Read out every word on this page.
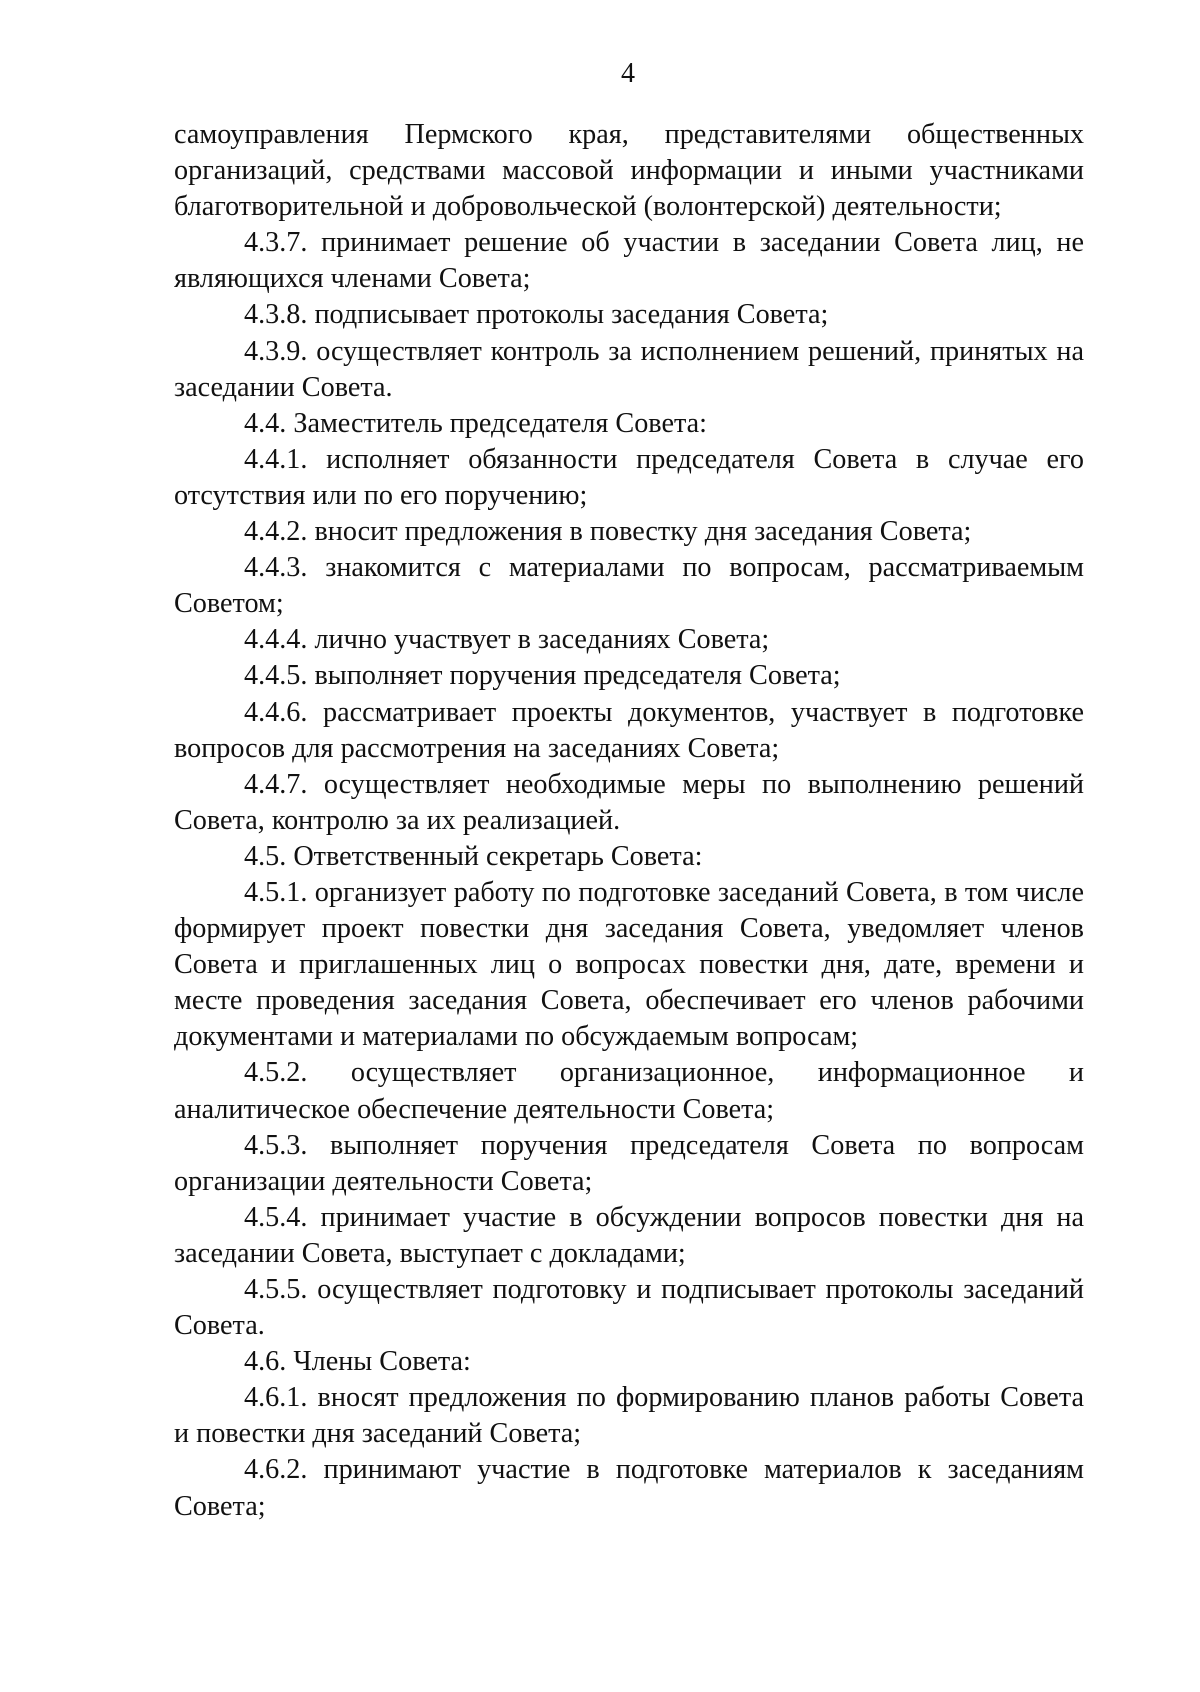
4

самоуправления Пермского края, представителями общественных организаций, средствами массовой информации и иными участниками благотворительной и добровольческой (волонтерской) деятельности;

4.3.7. принимает решение об участии в заседании Совета лиц, не являющихся членами Совета;

4.3.8. подписывает протоколы заседания Совета;

4.3.9. осуществляет контроль за исполнением решений, принятых на заседании Совета.

4.4. Заместитель председателя Совета:

4.4.1. исполняет обязанности председателя Совета в случае его отсутствия или по его поручению;

4.4.2. вносит предложения в повестку дня заседания Совета;

4.4.3. знакомится с материалами по вопросам, рассматриваемым Советом;

4.4.4. лично участвует в заседаниях Совета;

4.4.5. выполняет поручения председателя Совета;

4.4.6. рассматривает проекты документов, участвует в подготовке вопросов для рассмотрения на заседаниях Совета;

4.4.7. осуществляет необходимые меры по выполнению решений Совета, контролю за их реализацией.

4.5. Ответственный секретарь Совета:

4.5.1. организует работу по подготовке заседаний Совета, в том числе формирует проект повестки дня заседания Совета, уведомляет членов Совета и приглашенных лиц о вопросах повестки дня, дате, времени и месте проведения заседания Совета, обеспечивает его членов рабочими документами и материалами по обсуждаемым вопросам;

4.5.2. осуществляет организационное, информационное и аналитическое обеспечение деятельности Совета;

4.5.3. выполняет поручения председателя Совета по вопросам организации деятельности Совета;

4.5.4. принимает участие в обсуждении вопросов повестки дня на заседании Совета, выступает с докладами;

4.5.5. осуществляет подготовку и подписывает протоколы заседаний Совета.

4.6. Члены Совета:

4.6.1. вносят предложения по формированию планов работы Совета и повестки дня заседаний Совета;

4.6.2. принимают участие в подготовке материалов к заседаниям Совета;
